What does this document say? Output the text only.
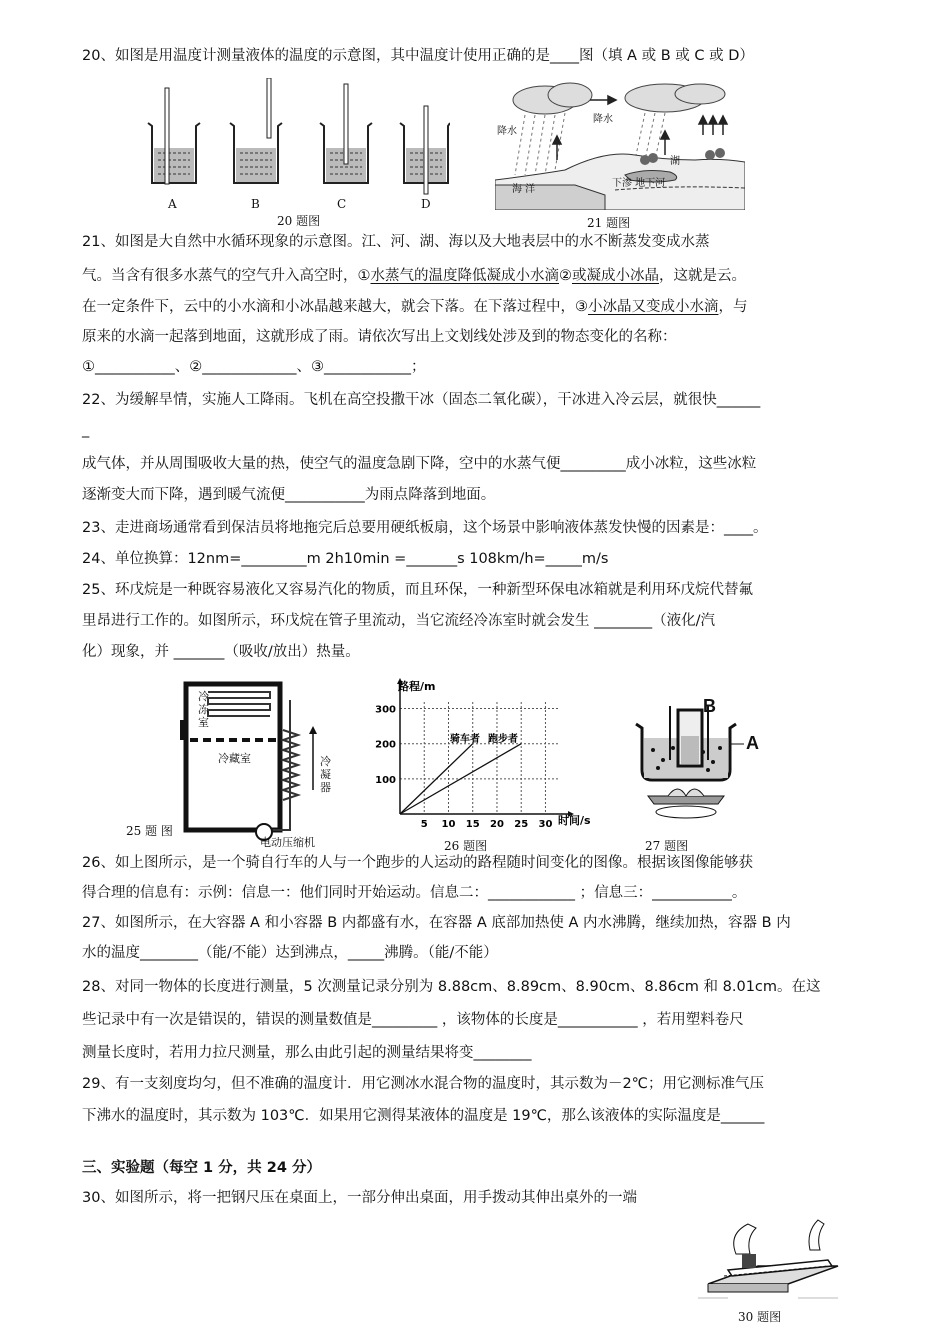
20、如图是用温度计测量液体的温度的示意图，其中温度计使用正确的是____图（填 A 或 B 或 C 或 D）
A	B	C	D
20 题图
降水
降水
湖
海 洋
下渗 地下河
21 题图
21、如图是大自然中水循环现象的示意图。江、河、湖、海以及大地表层中的水不断蒸发变成水蒸
气。当含有很多水蒸气的空气升入高空时，①水蒸气的温度降低凝成小水滴②或凝成小冰晶，这就是云。
在一定条件下，云中的小水滴和小冰晶越来越大，就会下落。在下落过程中，③小冰晶又变成小水滴，与
原来的水滴一起落到地面，这就形成了雨。请依次写出上文划线处涉及到的物态变化的名称：
①___________、②_____________、③____________；
22、为缓解旱情，实施人工降雨。飞机在高空投撒干冰（固态二氧化碳），干冰进入冷云层，就很快______
_
成气体，并从周围吸收大量的热，使空气的温度急剧下降，空中的水蒸气便_________成小冰粒，这些冰粒
逐渐变大而下降，遇到暖气流便___________为雨点降落到地面。
23、走进商场通常看到保洁员将地拖完后总要用硬纸板扇，这个场景中影响液体蒸发快慢的因素是：____。
24、单位换算：12nm=_________m 2h10min =_______s 108km/h=_____m/s
25、环戊烷是一种既容易液化又容易汽化的物质，而且环保，一种新型环保电冰箱就是利用环戊烷代替氟
里昂进行工作的。如图所示，环戊烷在管子里流动，当它流经冷冻室时就会发生 ________（液化/汽
化）现象，并 _______（吸收/放出）热量。
冷冻室
冷藏室	冷凝器
电动压缩机
25 题 图	5 10 15 20 25 30
100
200
300
路程/m
时间/s
骑车者 跑步者
26 题图
B
A
27 题图
26、如上图所示，是一个骑自行车的人与一个跑步的人运动的路程随时间变化的图像。根据该图像能够获
得合理的信息有：示例：信息一：他们同时开始运动。信息二：____________ ；信息三：___________。
27、如图所示，在大容器 A 和小容器 B 内都盛有水，在容器 A 底部加热使 A 内水沸腾，继续加热，容器 B 内
水的温度________（能/不能）达到沸点，_____沸腾。（能/不能）
28、对同一物体的长度进行测量，5 次测量记录分别为 8.88cm、8.89cm、8.90cm、8.86cm 和 8.01cm。在这
些记录中有一次是错误的，错误的测量数值是_________ ，该物体的长度是___________ ，若用塑料卷尺
测量长度时，若用力拉尺测量，那么由此引起的测量结果将变________
29、有一支刻度均匀，但不准确的温度计．用它测冰水混合物的温度时，其示数为－2℃；用它测标准气压
下沸水的温度时，其示数为 103℃．如果用它测得某液体的温度是 19℃，那么该液体的实际温度是______
三、实验题（每空 1 分，共 24 分）
30、如图所示，将一把钢尺压在桌面上，一部分伸出桌面，用手拨动其伸出桌外的一端
30 题图
